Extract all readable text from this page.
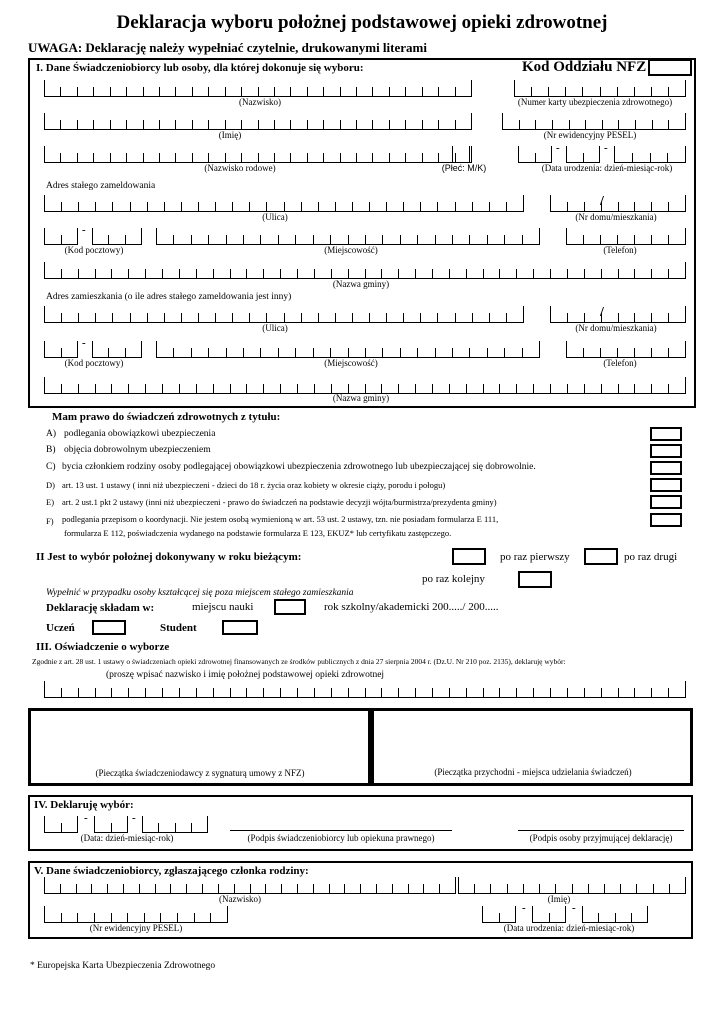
Deklaracja wyboru położnej podstawowej opieki zdrowotnej
UWAGA: Deklarację należy wypełniać czytelnie, drukowanymi literami
I. Dane Świadczeniobiorcy lub osoby, dla której dokonuje się wyboru:	Kod Oddziału NFZ
(Nazwisko)	(Numer karty ubezpieczenia zdrowotnego)
(Imię)	(Nr ewidencyjny PESEL)
-	-
(Nazwisko rodowe)	(Płeć: M/K)	(Data urodzenia: dzień-miesiąc-rok)
Adres stałego zameldowania
/
(Ulica)	(Nr domu/mieszkania)
-
(Kod pocztowy)	(Miejscowość)	(Telefon)
(Nazwa gminy)
Adres zamieszkania (o ile adres stałego zameldowania jest inny)
/
(Ulica)	(Nr domu/mieszkania)
-
(Kod pocztowy)	(Miejscowość)	(Telefon)
(Nazwa gminy)
Mam prawo do świadczeń zdrowotnych z tytułu:
A) podlegania obowiązkowi ubezpieczenia
B) objęcia dobrowolnym ubezpieczeniem
C) bycia członkiem rodziny osoby podlegającej obowiązkowi ubezpieczenia zdrowotnego lub ubezpieczającej się dobrowolnie.
D) art. 13 ust. 1 ustawy ( inni niż ubezpieczeni - dzieci do 18 r. życia oraz kobiety w okresie ciąży, porodu i połogu)
E) art. 2 ust.1 pkt 2 ustawy (inni niż ubezpieczeni - prawo do świadczeń na podstawie decyzji wójta/burmistrza/prezydenta gminy)
F) podlegania przepisom o koordynacji. Nie jestem osobą wymienioną w art. 53 ust. 2 ustawy, tzn. nie posiadam formularza E 111,
formularza E 112, poświadczenia wydanego na podstawie formularza E 123, EKUZ* lub certyfikatu zastępczego.
II Jest to wybór położnej dokonywany w roku bieżącym:	po raz pierwszy	po raz drugi
po raz kolejny
Wypełnić w przypadku osoby kształcącej się poza miejscem stałego zamieszkania
Deklarację składam w:	miejscu nauki	rok szkolny/akademicki 200...../ 200.....
Uczeń	Student
III. Oświadczenie o wyborze
Zgodnie z art. 28 ust. 1 ustawy o świadczeniach opieki zdrowotnej finansowanych ze środków publicznych z dnia 27 sierpnia 2004 r. (Dz.U. Nr 210 poz. 2135), deklaruję wybór:
(proszę wpisać nazwisko i imię położnej podstawowej opieki zdrowotnej
(Pieczątka świadczeniodawcy z sygnaturą umowy z NFZ)	(Pieczątka przychodni - miejsca udzielania świadczeń)
IV. Deklaruję wybór:
-	-
(Data: dzień-miesiąc-rok)	(Podpis świadczeniobiorcy lub opiekuna prawnego)	(Podpis osoby przyjmującej deklarację)
V. Dane świadczeniobiorcy, zgłaszającego członka rodziny:
(Nazwisko)	(Imię)
-	-
(Nr ewidencyjny PESEL)	(Data urodzenia: dzień-miesiąc-rok)
* Europejska Karta Ubezpieczenia Zdrowotnego
